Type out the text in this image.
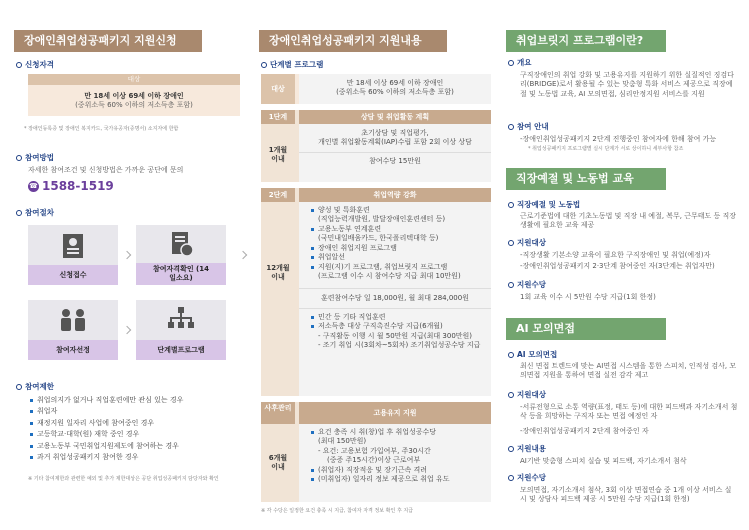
장애인취업성공패키지 지원신청
신청자격
대상
만 18세 이상 69세 이하 장애인
(중위소득 60% 이하의 저소득층 포함)
* 장애인등록증 및 장애인 복지카드, 국가유공자(증명서) 소지자에 한함
참여방법
자세한 참여조건 및 신청방법은 가까운 공단에 문의
☎ 1588-1519
참여절차
신청접수
참여자격확인 (14일소요)
참여자선정	단계별프로그램
참여제한
취업의지가 없거나 직업훈련에만 관심 있는 경우
취업자
재정지원 일자리 사업에 참여중인 경우
고등학교·대학(원) 재학 중인 경우
고용노동부 국민취업지원제도에 참여하는 경우
과거 취업성공패키지 참여한 경우
※ 기타 참여제한과 관련한 예외 및 추가 제한대상은 공단 취업성공패키지 담당자와 확인
장애인취업성공패키지 지원내용
단계별 프로그램
대상
만 18세 이상 69세 이하 장애인
(중위소득 60% 이하의 저소득층 포함)
1단계
1개월 이내
상담 및 취업활동 계획
초기상담 및 직업평가,
개인별 취업활동계획(IAP)수립 포함 2회 이상 상담
참여수당 15만원
2단계
12개월 이내
취업역량 강화
양성 및 특화훈련
(직업능력개발원, 발달장애인훈련센터 등)
고용노동부 연계훈련
(국민내일배움카드, 한국폴리텍대학 등)
장애인 취업지원 프로그램
취업알선
지원(지)기 프로그램, 취업브릿지 프로그램
(프로그램 이수 시 참여수당 지급 최대 10만원)
훈련참여수당 일 18,000원, 월 최대 284,000원
민간 등 기타 직업훈련
저소득층 대상 구직촉진수당 지급(6개월)
- 구직활동 이행 시 월 50만원 지급(최대 300만원)
- 조기 취업 시(3회차~5회차) 조기취업성공수당 지급
사후관리
6개월 이내
고용유지 지원
요건 충족 시 취(창)업 후 취업성공수당
(최대 150만원)
- 요건: 고용보험 가입여부, 주30시간
(중증 주15시간)이상 근로여부
(취업자) 직장적응 및 장기근속 격려
(미취업자) 일자리 정보 제공으로 취업 유도
※ 각 수당은 일정한 요건 충족 시 지급, 참여자 자격 정보 확인 후 지급
취업브릿지 프로그램이란?
개요
구직장애인의 취업 강화 및 고용유지를 지원하기 위한 실질적인 징검다리(BRIDGE)로서 활용될 수 있는 맞춤형 특화 서비스 제공으로 직장예절 및 노동법 교육, AI 모의면접, 심리안정지원 서비스를 지원
참여 안내
-장애인취업성공패키지 2단계 진행중인 참여자에 한해 참여 가능
* 취업성공패키지 프로그램별 실시 단계가 서로 상이하니 세부사항 참조
직장예절 및 노동법 교육
직장예절 및 노동법
근로기준법에 대한 기초노동법 및 직장 내 예절, 복무, 근무태도 등 직장생활에 필요한 교육 제공
지원대상
-직장생활 기본소양 교육이 필요한 구직장애인 및 취업(예정)자
-장애인취업성공패키지 2·3단계 참여중인 자(3단계는 취업자만)
지원수당
1회 교육 이수 시 5만원 수당 지급(1회 한정)
AI 모의면접
AI 모의면접
최신 면접 트렌드에 맞는 AI면접 시스템을 통한 스피치, 인적성 검사, 모의면접 지원을 통하여 면접 실전 감각 제고
지원대상
-서류전형으로 소통 역량(표정, 태도 등)에 대한 피드백과 자기소개서 첨삭 등을 희망하는 구직자 또는 면접 예정인 자
-장애인취업성공패키지 2단계 참여중인 자
지원내용
AI기반 맞춤형 스피치 실습 및 피드백, 자기소개서 첨삭
지원수당
모의면접, 자기소개서 첨삭, 3회 이상 면접연습 중 1개 이상 서비스 실시 및 상담사 피드백 제공 시 5만원 수당 지급(1회 한정)
